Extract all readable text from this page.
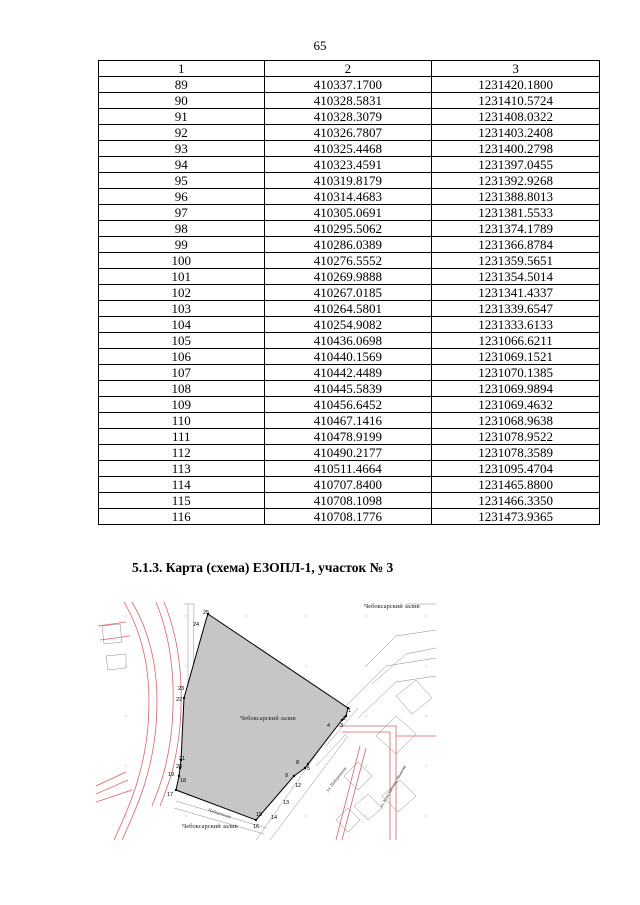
65
1	2	3
89	410337.1700	1231420.1800
90	410328.5831	1231410.5724
91	410328.3079	1231408.0322
92	410326.7807	1231403.2408
93	410325.4468	1231400.2798
94	410323.4591	1231397.0455
95	410319.8179	1231392.9268
96	410314.4683	1231388.8013
97	410305.0691	1231381.5533
98	410295.5062	1231374.1789
99	410286.0389	1231366.8784
100	410276.5552	1231359.5651
101	410269.9888	1231354.5014
102	410267.0185	1231341.4337
103	410264.5801	1231339.6547
104	410254.9082	1231333.6133
105	410436.0698	1231066.6211
106	410440.1569	1231069.1521
107	410442.4489	1231070.1385
108	410445.5839	1231069.9894
109	410456.6452	1231069.4632
110	410467.1416	1231068.9638
111	410478.9199	1231078.9522
112	410490.2177	1231078.3589
113	410511.4664	1231095.4704
114	410707.8400	1231465.8800
115	410708.1098	1231466.3350
116	410708.1776	1231473.9365
5.1.3. Карта (схема) ЕЗОПЛ-1, участок № 3
Чебоксарский залив
Чебоксарский залив
Чебоксарский залив
Набережная
ул. Набережная	ул. Константина Иванова
1
2
3
4
5
8
9
12
13
14
15
16
17
18
19
20
21
22
23
24
25
